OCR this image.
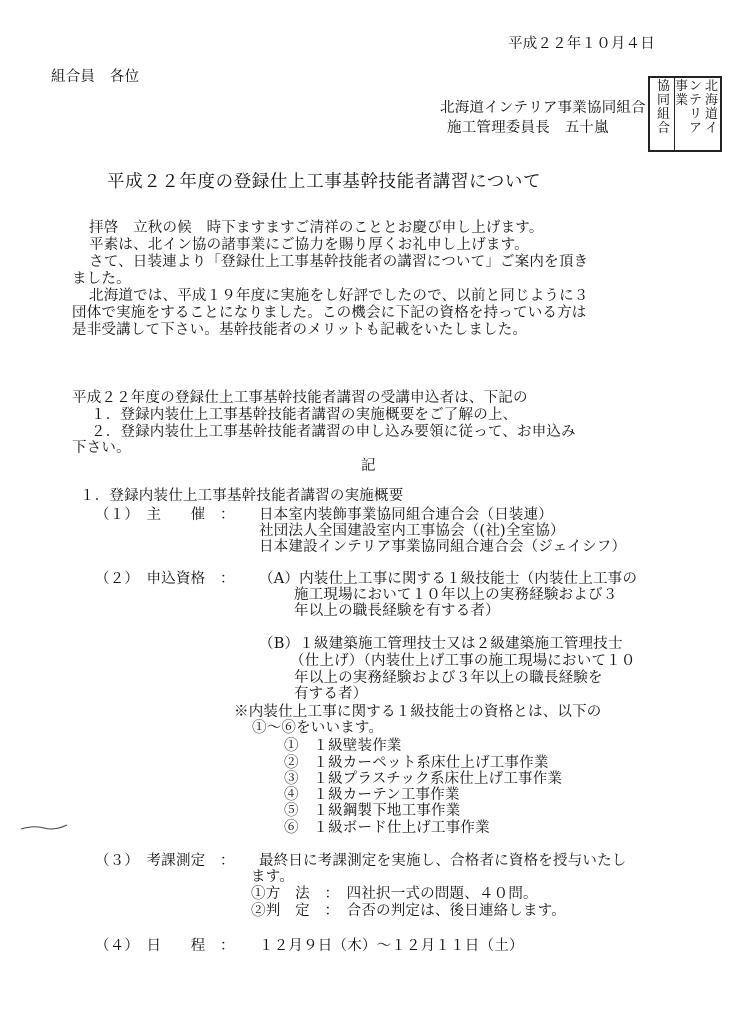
平成２２年１０月４日
組合員　各位
北海道インテリア事業協同組合
施工管理委員長　五十嵐
北海道イ
ンテリア
事業
協同組合
平成２２年度の登録仕上工事基幹技能者講習について
拝啓　立秋の候　時下ますますご清祥のこととお慶び申し上げます。
平素は、北イン協の諸事業にご協力を賜り厚くお礼申し上げます。
さて、日装連より「登録仕上工事基幹技能者の講習について」ご案内を頂き
ました。
北海道では、平成１９年度に実施をし好評でしたので、以前と同じように３
団体で実施をすることになりました。この機会に下記の資格を持っている方は
是非受講して下さい。基幹技能者のメリットも記載をいたしました。
平成２２年度の登録仕上工事基幹技能者講習の受講申込者は、下記の
１．登録内装仕上工事基幹技能者講習の実施概要をご了解の上、
２．登録内装仕上工事基幹技能者講習の申し込み要領に従って、お申込み
下さい。
記
１．登録内装仕上工事基幹技能者講習の実施概要
（１）　主　　催　： 日本室内装飾事業協同組合連合会（日装連）
社団法人全国建設室内工事協会（(社)全室協）
日本建設インテリア事業協同組合連合会（ジェイシフ）
（２）　申込資格　： （A）内装仕上工事に関する１級技能士（内装仕上工事の
施工現場において１０年以上の実務経験および３
年以上の職長経験を有する者）
（B）１級建築施工管理技士又は２級建築施工管理技士
（仕上げ）（内装仕上げ工事の施工現場において１０
年以上の実務経験および３年以上の職長経験を
有する者）
※内装仕上工事に関する１級技能士の資格とは、以下の
①～⑥をいいます。
①　１級壁装作業
②　１級カーペット系床仕上げ工事作業
③　１級プラスチック系床仕上げ工事作業
④　１級カーテン工事作業
⑤　１級鋼製下地工事作業
⑥　１級ボード仕上げ工事作業
（３）　考課測定　： 最終日に考課測定を実施し、合格者に資格を授与いたし
ます。
①方　法　：　四社択一式の問題、４０問。
②判　定　：　合否の判定は、後日連絡します。
（４）　日　　程　： １２月９日（木）～１２月１１日（土）
